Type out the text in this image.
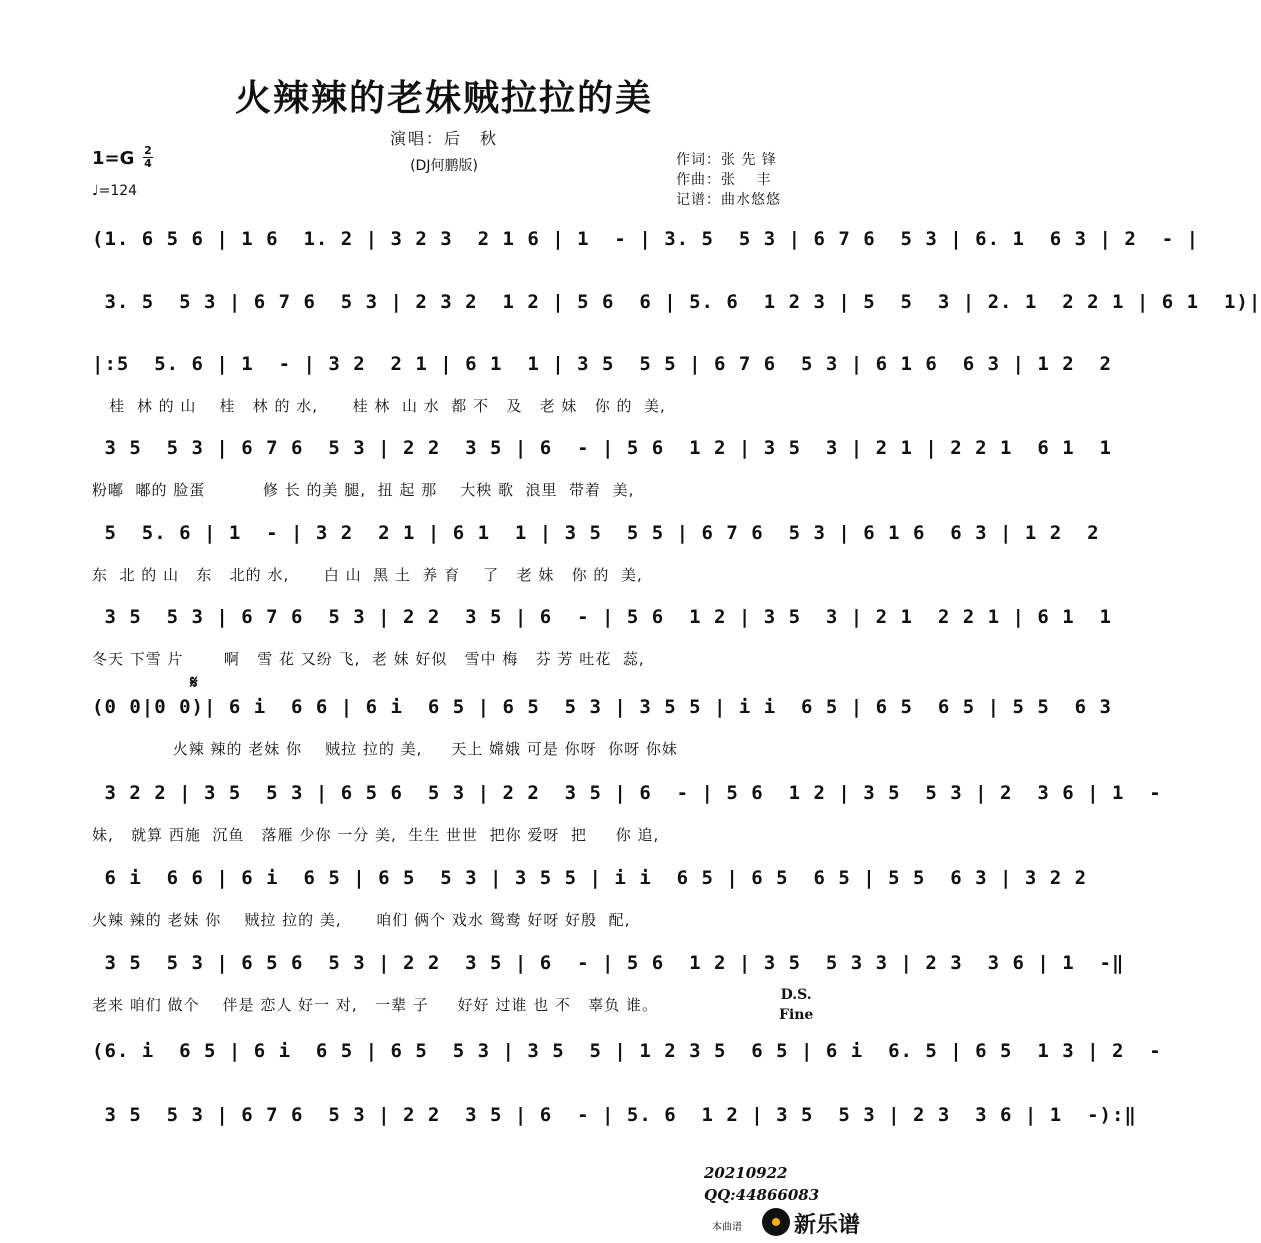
火辣辣的老妹贼拉拉的美
演唱：后　秋
(DJ何鹏版)
1=G 2
4
♩=124
作词：张 先 锋
作曲：张　 丰
记谱：曲水悠悠
(1. 6 5 6 | 1 6  1. 2 | 3 2 3  2 1 6 | 1  - | 3. 5  5 3 | 6 7 6  5 3 | 6. 1  6 3 | 2  - |
3. 5  5 3 | 6 7 6  5 3 | 2 3 2  1 2 | 5 6  6 | 5. 6  1 2 3 | 5  5  3 | 2. 1  2 2 1 | 6 1  1)|
|:5  5. 6 | 1  - | 3 2  2 1 | 6 1  1 | 3 5  5 5 | 6 7 6  5 3 | 6 1 6  6 3 | 1 2  2
桂  林 的 山    桂   林 的 水,      桂 林  山 水  都 不   及   老 妹   你 的  美,
3 5  5 3 | 6 7 6  5 3 | 2 2  3 5 | 6  - | 5 6  1 2 | 3 5  3 | 2 1 | 2 2 1  6 1  1
粉嘟  嘟的 脸蛋          修 长 的美 腿,  扭 起 那    大秧 歌  浪里  带着  美,
5  5. 6 | 1  - | 3 2  2 1 | 6 1  1 | 3 5  5 5 | 6 7 6  5 3 | 6 1 6  6 3 | 1 2  2
东  北 的 山   东   北的 水,      白 山  黑 土  养 育    了   老 妹   你 的  美,
3 5  5 3 | 6 7 6  5 3 | 2 2  3 5 | 6  - | 5 6  1 2 | 3 5  3 | 2 1  2 2 1 | 6 1  1
冬天 下雪 片       啊   雪 花 又纷 飞,  老 妹 好似   雪中 梅   芬 芳 吐花  蕊,
(0 0|0 0)| 6 i  6 6 | 6 i  6 5 | 6 5  5 3 | 3 5 5 | i i  6 5 | 6 5  6 5 | 5 5  6 3
火辣 辣的 老妹 你    贼拉 拉的 美,     天上 嫦娥 可是 你呀  你呀 你妹
3 2 2 | 3 5  5 3 | 6 5 6  5 3 | 2 2  3 5 | 6  - | 5 6  1 2 | 3 5  5 3 | 2  3 6 | 1  -
妹,   就算 西施  沉鱼   落雁 少你 一分 美,  生生 世世  把你 爱呀  把     你 追,
6 i  6 6 | 6 i  6 5 | 6 5  5 3 | 3 5 5 | i i  6 5 | 6 5  6 5 | 5 5  6 3 | 3 2 2
火辣 辣的 老妹 你    贼拉 拉的 美,      咱们 俩个 戏水 鸳鸯 好呀 好殷  配,
3 5  5 3 | 6 5 6  5 3 | 2 2  3 5 | 6  - | 5 6  1 2 | 3 5  5 3 3 | 2 3  3 6 | 1  -‖
老来 咱们 做个    伴是 恋人 好一 对,   一辈 子     好好 过谁 也 不   辜负 谁。
(6. i  6 5 | 6 i  6 5 | 6 5  5 3 | 3 5  5 | 1 2 3 5  6 5 | 6 i  6. 5 | 6 5  1 3 | 2  -
3 5  5 3 | 6 7 6  5 3 | 2 2  3 5 | 6  - | 5. 6  1 2 | 3 5  5 3 | 2 3  3 6 | 1  -):‖
𝄋
D.S.
Fine
20210922
QQ:44866083
本曲谱 新乐谱
